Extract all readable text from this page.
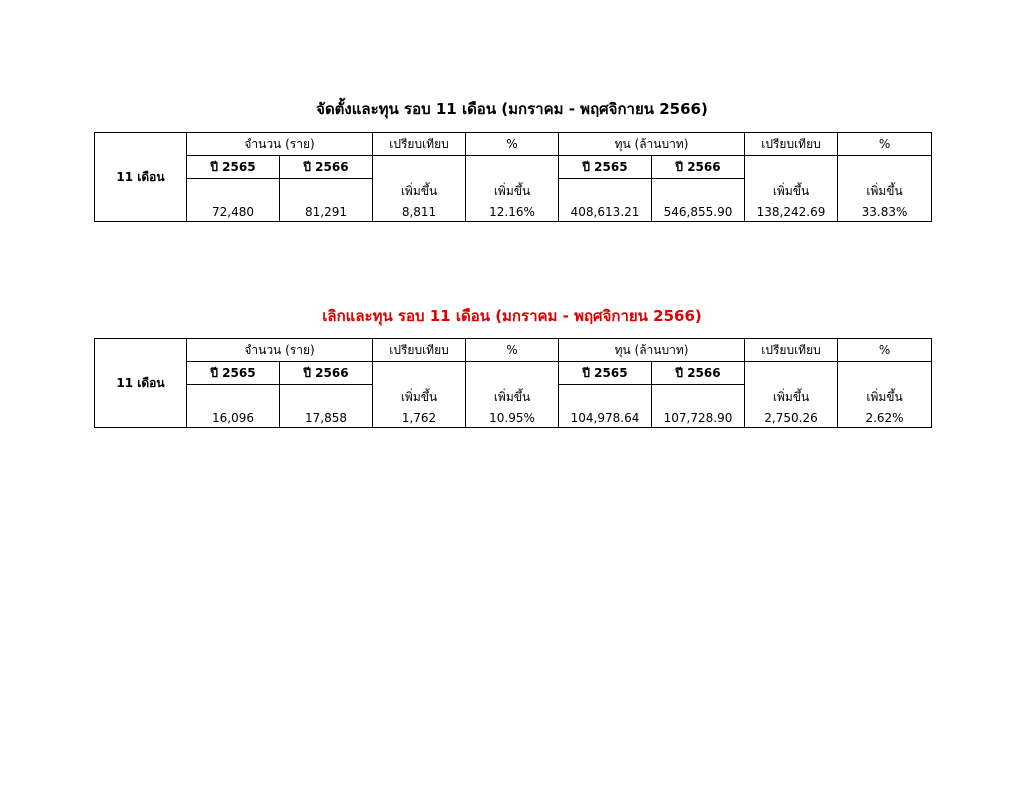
จัดตั้งและทุน รอบ 11 เดือน (มกราคม - พฤศจิกายน 2566)
11 เดือน	จำนวน (ราย)		เปรียบเทียบ	%	ทุน (ล้านบาท)		เปรียบเทียบ	%
	ปี 2565	ปี 2566	เพิ่มขึ้น	เพิ่มขึ้น	ปี 2565	ปี 2566	เพิ่มขึ้น	เพิ่มขึ้น

	72,480	81,291	8,811	12.16%	408,613.21	546,855.90	138,242.69	33.83%
เลิกและทุน รอบ 11 เดือน (มกราคม - พฤศจิกายน 2566)
11 เดือน	จำนวน (ราย)		เปรียบเทียบ	%	ทุน (ล้านบาท)		เปรียบเทียบ	%
	ปี 2565	ปี 2566	เพิ่มขึ้น	เพิ่มขึ้น	ปี 2565	ปี 2566	เพิ่มขึ้น	เพิ่มขึ้น

	16,096	17,858	1,762	10.95%	104,978.64	107,728.90	2,750.26	2.62%
